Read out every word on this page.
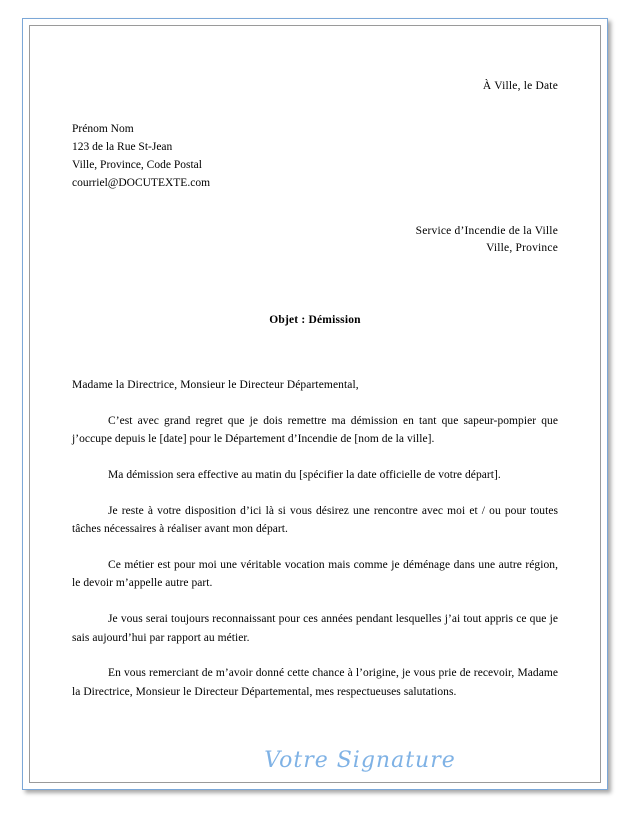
À Ville, le Date
Prénom Nom
123 de la Rue St-Jean
Ville, Province, Code Postal
courriel@DOCUTEXTE.com
Service d’Incendie de la Ville
Ville, Province
Objet : Démission
Madame la Directrice, Monsieur le Directeur Départemental,

C’est avec grand regret que je dois remettre ma démission en tant que sapeur-pompier que j’occupe depuis le [date] pour le Département d’Incendie de [nom de la ville].

Ma démission sera effective au matin du [spécifier la date officielle de votre départ].

Je reste à votre disposition d’ici là si vous désirez une rencontre avec moi et / ou pour toutes tâches nécessaires à réaliser avant mon départ.

Ce métier est pour moi une véritable vocation mais comme je déménage dans une autre région, le devoir m’appelle autre part.

Je vous serai toujours reconnaissant pour ces années pendant lesquelles j’ai tout appris ce que je sais aujourd’hui par rapport au métier.

En vous remerciant de m’avoir donné cette chance à l’origine, je vous prie de recevoir, Madame la Directrice, Monsieur le Directeur Départemental, mes respectueuses salutations.

Votre Signature
